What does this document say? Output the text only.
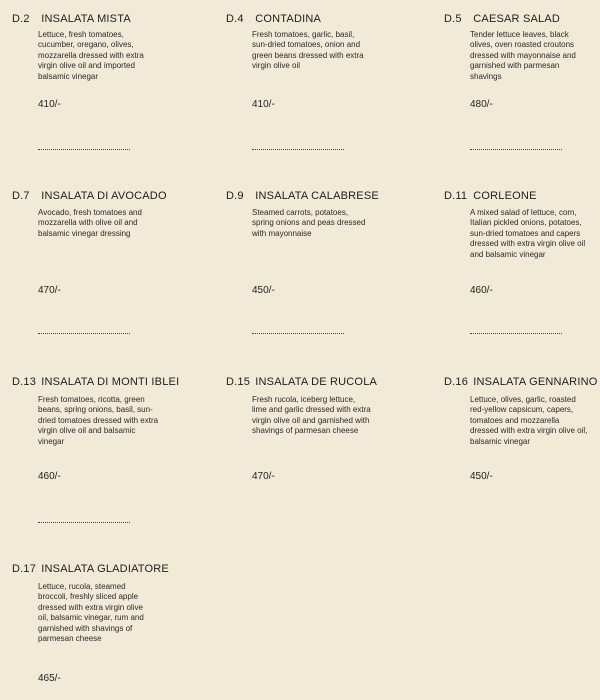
D.2 INSALATA MISTA
Lettuce, fresh tomatoes, cucumber, oregano, olives, mozzarella dressed with extra virgin olive oil and imported balsamic vinegar
410/-
D.4 CONTADINA
Fresh tomatoes, garlic, basil, sun-dried tomatoes, onion and green beans dressed with extra virgin olive oil
410/-
D.5 CAESAR SALAD
Tender lettuce leaves, black olives, oven roasted croutons dressed with mayonnaise and garnished with parmesan shavings
480/-
D.7 INSALATA DI AVOCADO
Avocado, fresh tomatoes and mozzarella with olive oil and balsamic vinegar dressing
470/-
D.9 INSALATA CALABRESE
Steamed carrots, potatoes, spring onions and peas dressed with mayonnaise
450/-
D.11 CORLEONE
A mixed salad of lettuce, corn, Italian pickled onions, potatoes, sun-dried tomatoes and capers dressed with extra virgin olive oil and balsamic vinegar
460/-
D.13 INSALATA DI MONTI IBLEI
Fresh tomatoes, ricotta, green beans, spring onions, basil, sun-dried tomatoes dressed with extra virgin olive oil and balsamic vinegar
460/-
D.15 INSALATA DE RUCOLA
Fresh rucola, iceberg lettuce, lime and garlic dressed with extra virgin olive oil and garnished with shavings of parmesan cheese
470/-
D.16 INSALATA GENNARINO
Lettuce, olives, garlic, roasted red-yellow capsicum, capers, tomatoes and mozzarella dressed with extra virgin olive oil, balsamic vinegar
450/-
D.17 INSALATA GLADIATORE
Lettuce, rucola, steamed broccoli, freshly sliced apple dressed with extra virgin olive oil, balsamic vinegar, rum and garnished with shavings of parmesan cheese
465/-
